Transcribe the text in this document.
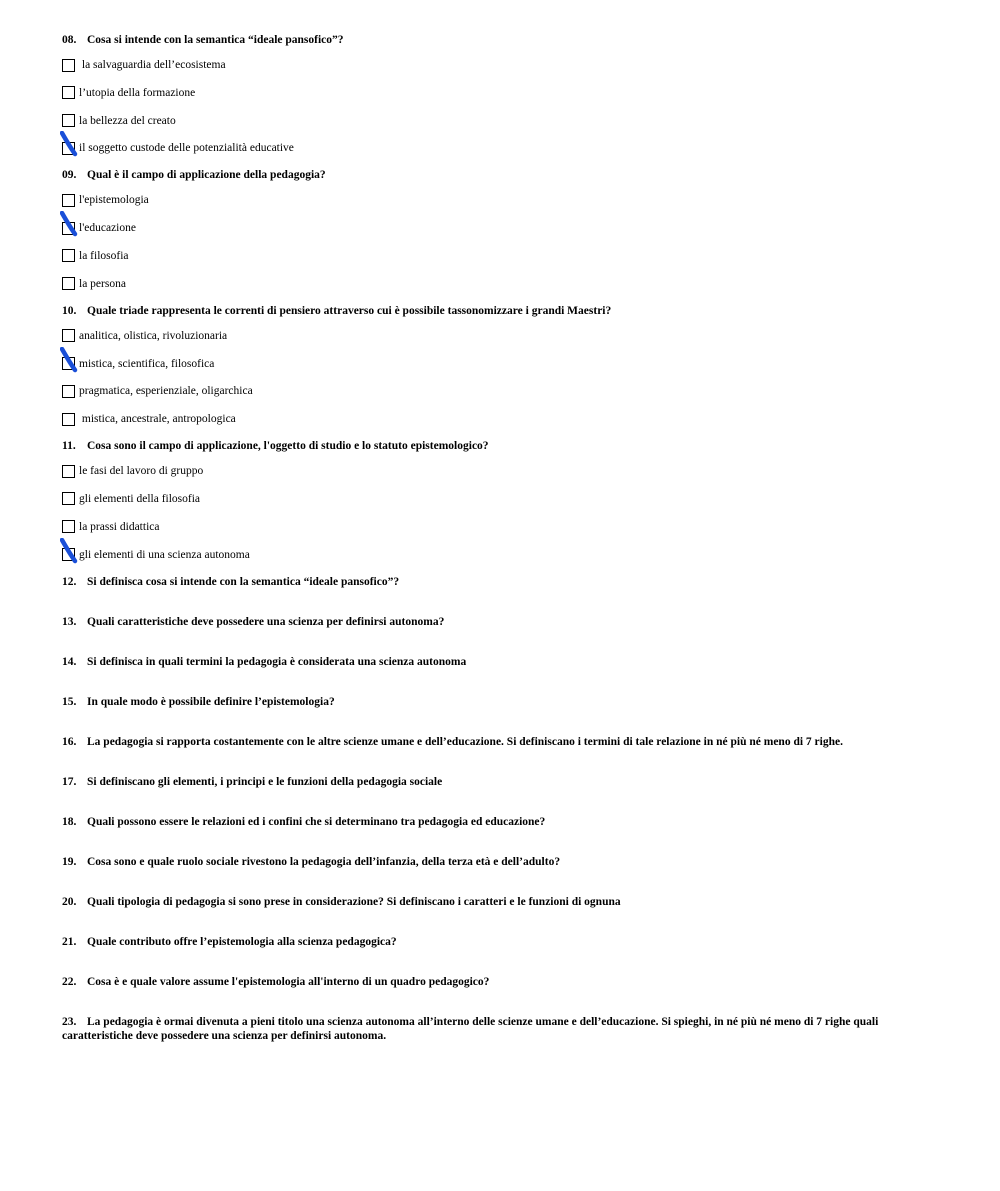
08. Cosa si intende con la semantica “ideale pansofico”?
la salvaguardia dell’ecosistema
l’utopia della formazione
la bellezza del creato
il soggetto custode delle potenzialità educative
09. Qual è il campo di applicazione della pedagogia?
l'epistemologia
l'educazione
la filosofia
la persona
10. Quale triade rappresenta le correnti di pensiero attraverso cui è possibile tassonomizzare i grandi Maestri?
analitica, olistica, rivoluzionaria
mistica, scientifica, filosofica
pragmatica, esperienziale, oligarchica
mistica, ancestrale, antropologica
11. Cosa sono il campo di applicazione, l'oggetto di studio e lo statuto epistemologico?
le fasi del lavoro di gruppo
gli elementi della filosofia
la prassi didattica
gli elementi di una scienza autonoma
12. Si definisca cosa si intende con la semantica “ideale pansofico”?
13. Quali caratteristiche deve possedere una scienza per definirsi autonoma?
14. Si definisca in quali termini la pedagogia è considerata una scienza autonoma
15. In quale modo è possibile definire l’epistemologia?
16. La pedagogia si rapporta costantemente con le altre scienze umane e dell’educazione. Si definiscano i termini di tale relazione in né più né meno di 7 righe.
17. Si definiscano gli elementi, i principi e le funzioni della pedagogia sociale
18. Quali possono essere le relazioni ed i confini che si determinano tra pedagogia ed educazione?
19. Cosa sono e quale ruolo sociale rivestono la pedagogia dell’infanzia, della terza età e dell’adulto?
20. Quali tipologia di pedagogia si sono prese in considerazione? Si definiscano i caratteri e le funzioni di ognuna
21. Quale contributo offre l’epistemologia alla scienza pedagogica?
22. Cosa è e quale valore assume l'epistemologia all'interno di un quadro pedagogico?
23. La pedagogia è ormai divenuta a pieni titolo una scienza autonoma all’interno delle scienze umane e dell’educazione. Si spieghi, in né più né meno di 7 righe quali caratteristiche deve possedere una scienza per definirsi autonoma.
